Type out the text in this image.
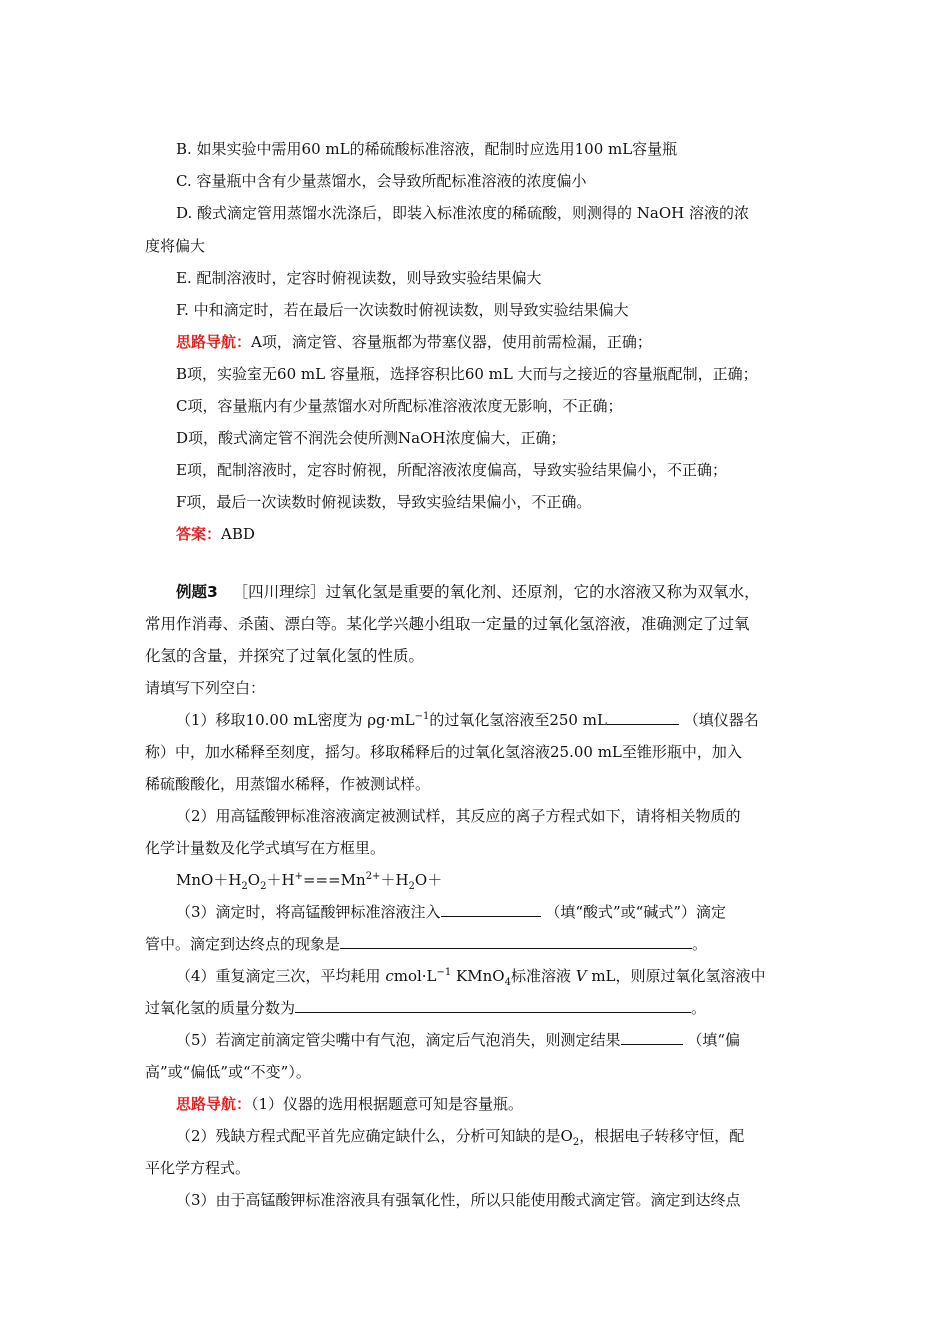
B. 如果实验中需用60 mL的稀硫酸标准溶液，配制时应选用100 mL容量瓶
C. 容量瓶中含有少量蒸馏水，会导致所配标准溶液的浓度偏小
D. 酸式滴定管用蒸馏水洗涤后，即装入标准浓度的稀硫酸，则测得的 NaOH 溶液的浓
度将偏大
E. 配制溶液时，定容时俯视读数，则导致实验结果偏大
F. 中和滴定时，若在最后一次读数时俯视读数，则导致实验结果偏大
思路导航：A项，滴定管、容量瓶都为带塞仪器，使用前需检漏，正确；
B项，实验室无60 mL 容量瓶，选择容积比60 mL 大而与之接近的容量瓶配制，正确；
C项，容量瓶内有少量蒸馏水对所配标准溶液浓度无影响，不正确；
D项，酸式滴定管不润洗会使所测NaOH浓度偏大，正确；
E项，配制溶液时，定容时俯视，所配溶液浓度偏高，导致实验结果偏小，不正确；
F项，最后一次读数时俯视读数，导致实验结果偏小，不正确。
答案：ABD
例题3 ［四川理综］过氧化氢是重要的氧化剂、还原剂，它的水溶液又称为双氧水，
常用作消毒、杀菌、漂白等。某化学兴趣小组取一定量的过氧化氢溶液，准确测定了过氧
化氢的含量，并探究了过氧化氢的性质。
请填写下列空白：
（1）移取10.00 mL密度为 $\rho g\cdot mL^{-1}$的过氧化氢溶液至250 mL	（填仪器名
称）中，加水稀释至刻度，摇匀。移取稀释后的过氧化氢溶液25.00 mL至锥形瓶中，加入
稀硫酸酸化，用蒸馏水稀释，作被测试样。
（2）用高锰酸钾标准溶液滴定被测试样，其反应的离子方程式如下，请将相关物质的
化学计量数及化学式填写在方框里。
$MnO+H_2O_2+H^+===Mn^{2+}+H_2O+$
（3）滴定时，将高锰酸钾标准溶液注入	（填“酸式”或“碱式”）滴定
管中。滴定到达终点的现象是	。
（4）重复滴定三次，平均耗用 $cmol\cdot L^{-1}$ KMnO$_4$标准溶液 V mL，则原过氧化氢溶液中
过氧化氢的质量分数为	。
（5）若滴定前滴定管尖嘴中有气泡，滴定后气泡消失，则测定结果	（填“偏
高”或“偏低”或“不变”）。
思路导航：（1）仪器的选用根据题意可知是容量瓶。
（2）残缺方程式配平首先应确定缺什么，分析可知缺的是$O_2$，根据电子转移守恒，配
平化学方程式。
（3）由于高锰酸钾标准溶液具有强氧化性，所以只能使用酸式滴定管。滴定到达终点
